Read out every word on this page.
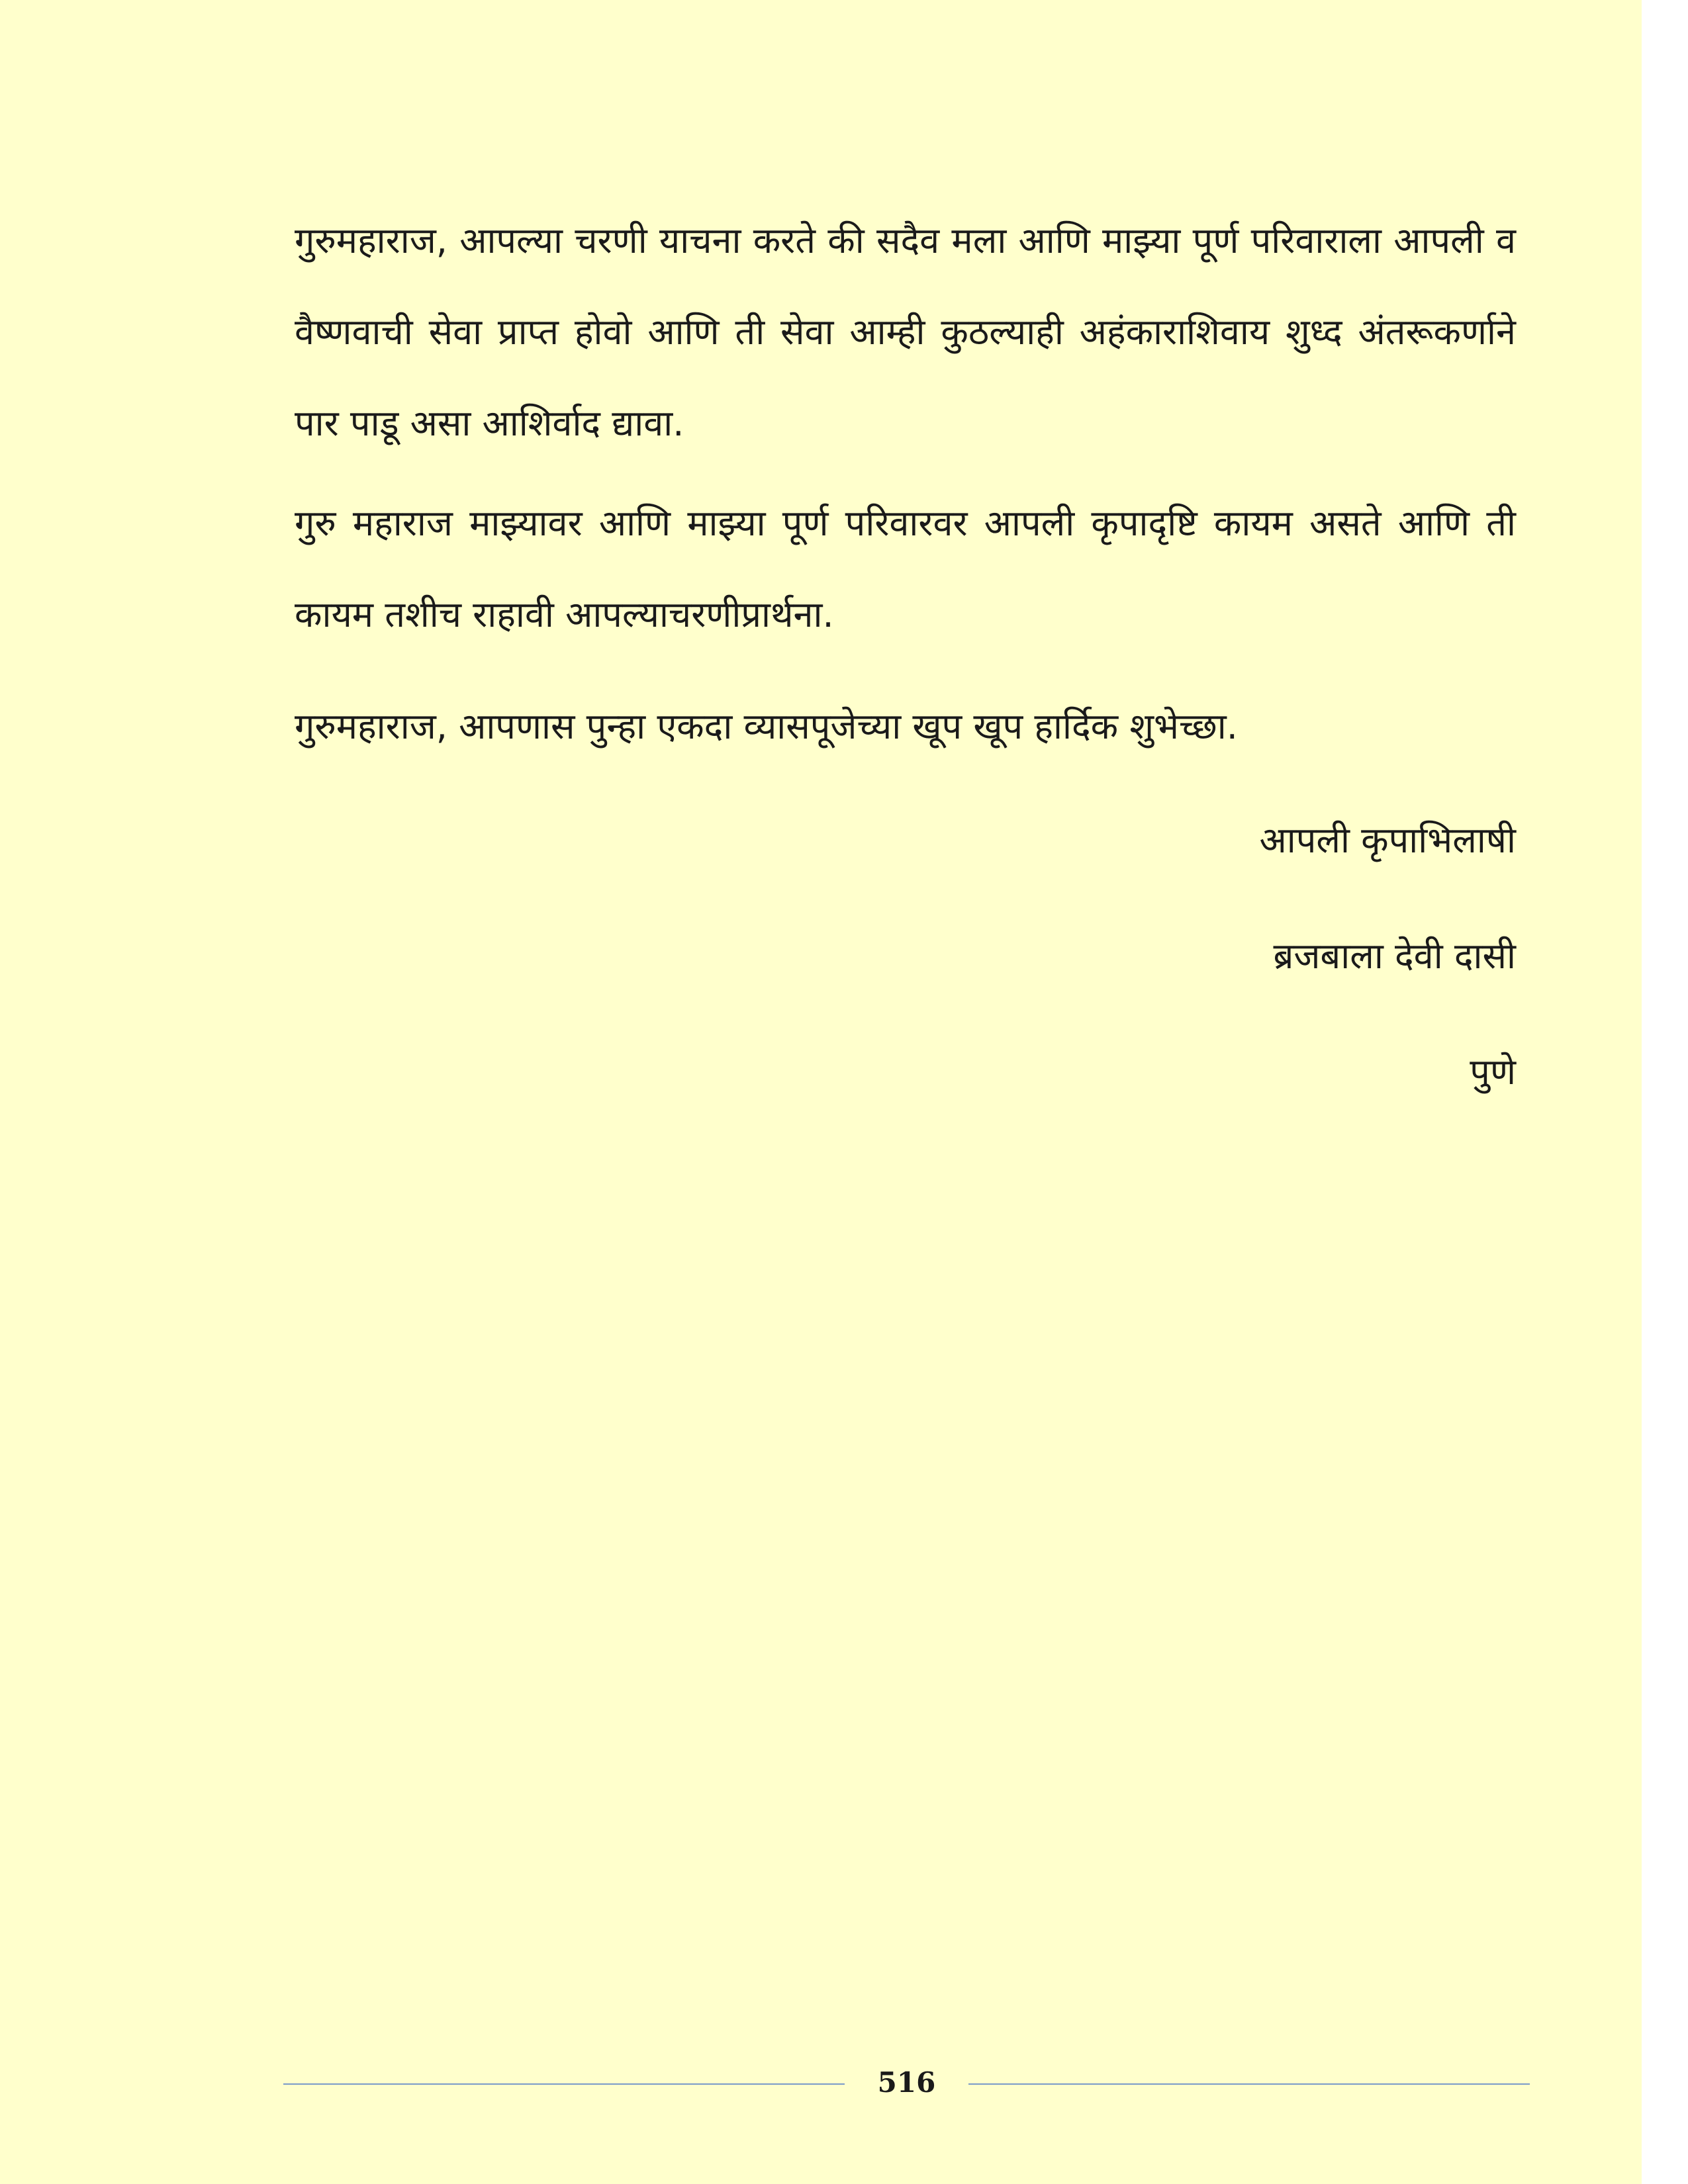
गुरुमहाराज, आपल्या चरणी याचना करते की सदैव मला आणि माझ्या पूर्ण परिवाराला आपली व वैष्णवाची सेवा प्राप्त होवो आणि ती सेवा आम्ही कुठल्याही अहंकाराशिवाय शुध्द अंतरूकर्णाने पार पाडू असा आशिर्वाद द्यावा.

गुरु महाराज माझ्यावर आणि माझ्या पूर्ण परिवारवर आपली कृपादृष्टि कायम असते आणि ती कायम तशीच राहावी आपल्याचरणीप्रार्थना.

गुरुमहाराज, आपणास पुन्हा एकदा व्यासपूजेच्या खूप खूप हार्दिक शुभेच्छा.

आपली कृपाभिलाषी
ब्रजबाला देवी दासी
पुणे
516
